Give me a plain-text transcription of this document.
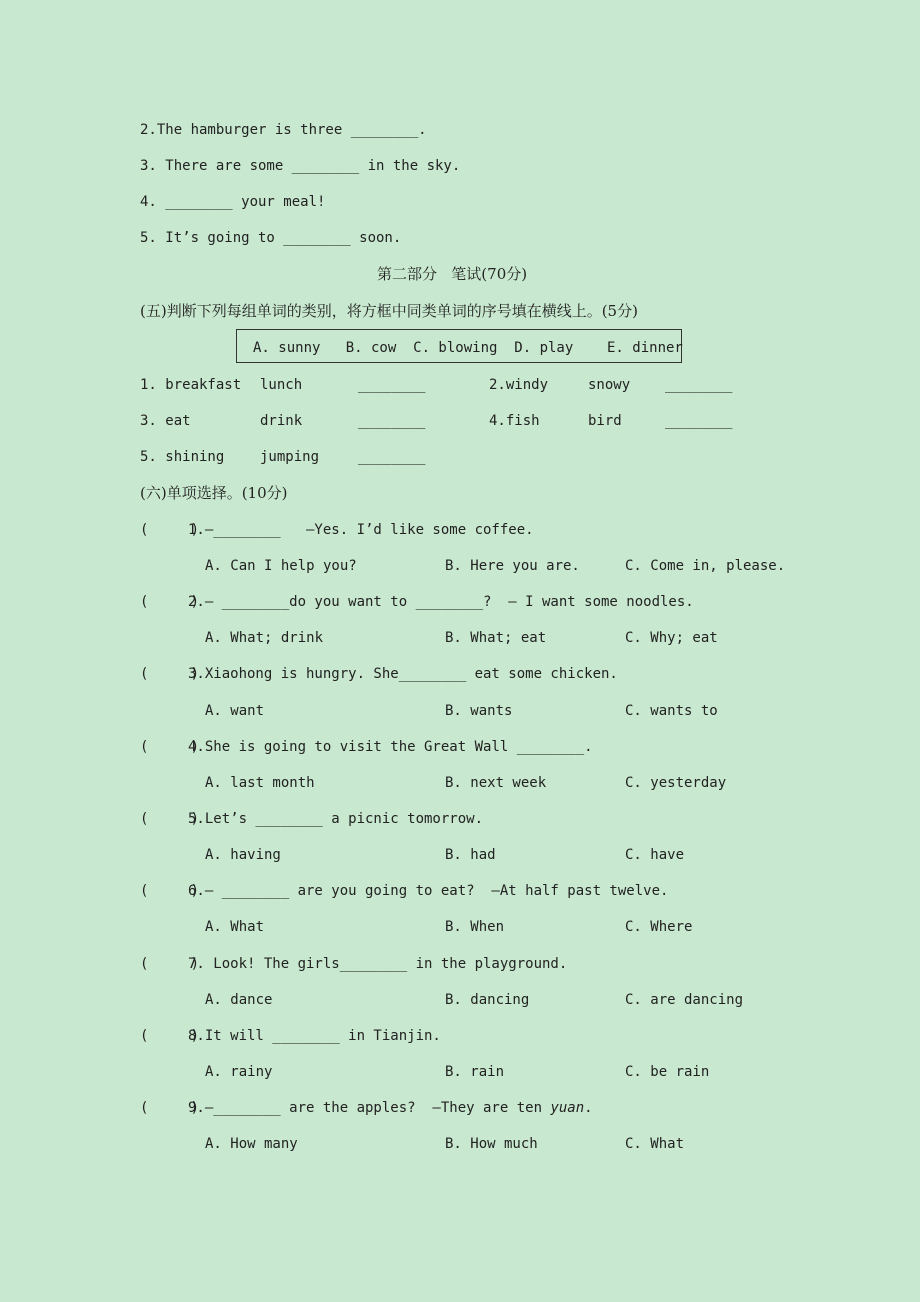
2.The hamburger is three ________.
3. There are some ________ in the sky.
4. ________ your meal!
5. It’s going to ________ soon.
第二部分   笔试(70分)
(五)判断下列每组单词的类别，将方框中同类单词的序号填在横线上。(5分)
A. sunny   B. cow  C. blowing  D. play    E. dinner
1. breakfast lunch	________	2.windy	snowy ________
3. eat	drink	________	4.fish	bird	________
5. shining	jumping	________
(六)单项选择。(10分)
(     )
1.—________   —Yes. I’d like some coffee.
A. Can I help you?	B. Here you are.	C. Come in, please.
(     )
2.— ________do you want to ________?  — I want some noodles.
A. What; drink	B. What; eat	C. Why; eat
(     )
3.Xiaohong is hungry. She________ eat some chicken.
A. want	B. wants	C. wants to
(     )
4.She is going to visit the Great Wall ________.
A. last month	B. next week	C. yesterday
(     )
5.Let’s ________ a picnic tomorrow.
A. having	B. had	C. have
(     )
6.— ________ are you going to eat?  —At half past twelve.
A. What	B. When	C. Where
(     )
7. Look! The girls________ in the playground.
A. dance	B. dancing	C. are dancing
(     )
8.It will ________ in Tianjin.
A. rainy	B. rain	C. be rain
(     )
9.—________ are the apples?  —They are ten yuan.
A. How many	B. How much	C. What
